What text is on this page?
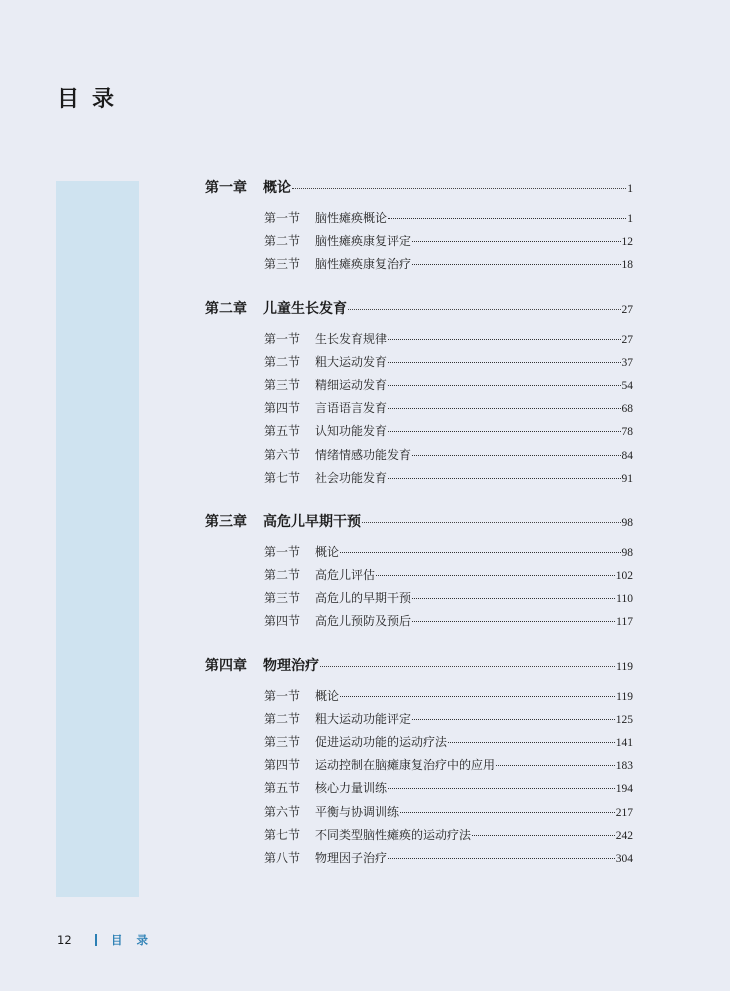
目录
第一章	概论	1
第一节	脑性瘫痪概论	1
第二节	脑性瘫痪康复评定	12
第三节	脑性瘫痪康复治疗	18
第二章	儿童生长发育	27
第一节	生长发育规律	27
第二节	粗大运动发育	37
第三节	精细运动发育	54
第四节	言语语言发育	68
第五节	认知功能发育	78
第六节	情绪情感功能发育	84
第七节	社会功能发育	91
第三章	高危儿早期干预	98
第一节	概论	98
第二节	高危儿评估	102
第三节	高危儿的早期干预	110
第四节	高危儿预防及预后	117
第四章	物理治疗	119
第一节	概论	119
第二节	粗大运动功能评定	125
第三节	促进运动功能的运动疗法	141
第四节	运动控制在脑瘫康复治疗中的应用	183
第五节	核心力量训练	194
第六节	平衡与协调训练	217
第七节	不同类型脑性瘫痪的运动疗法	242
第八节	物理因子治疗	304
12	目录
